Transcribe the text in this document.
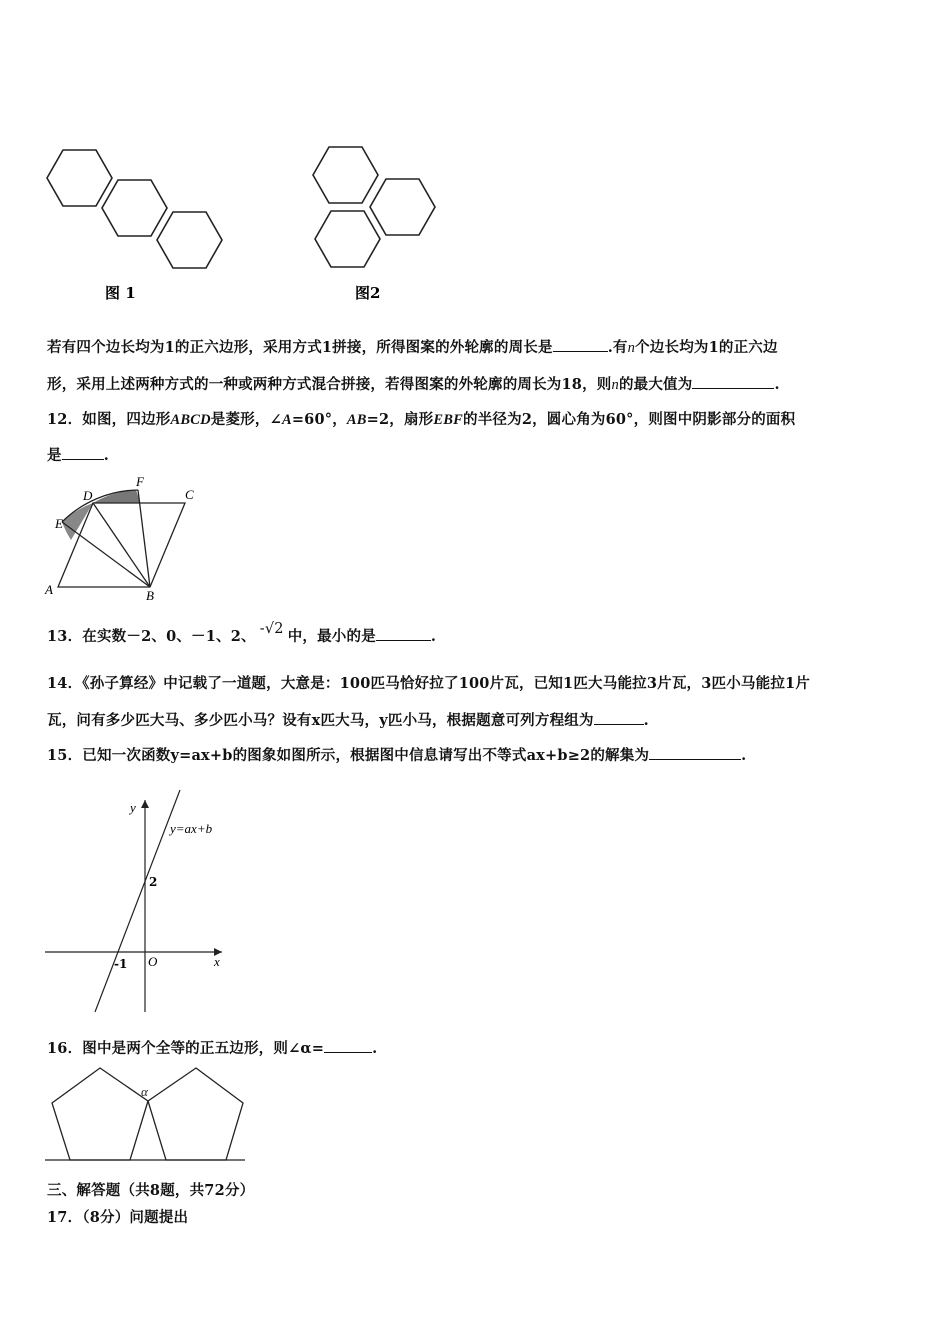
图 1	图2
A	B
C
D
E
F
y
x
O
y=ax+b
2
-1
α
若有四个边长均为1的正六边形，采用方式1拼接，所得图案的外轮廓的周长是	.有n个边长均为1的正六边
形，采用上述两种方式的一种或两种方式混合拼接，若得图案的外轮廓的周长为18，则n的最大值为	.
12．如图，四边形ABCD是菱形，∠A=60°，AB=2，扇形EBF的半径为2，圆心角为60°，则图中阴影部分的面积
是	.
13．在实数－2、0、－1、2、 -√2 中，最小的是	.
14．《孙子算经》中记载了一道题，大意是：100匹马恰好拉了100片瓦，已知1匹大马能拉3片瓦，3匹小马能拉1片
瓦，问有多少匹大马、多少匹小马？设有x匹大马，y匹小马，根据题意可列方程组为	.
15．已知一次函数y=ax+b的图象如图所示，根据图中信息请写出不等式ax+b≥2的解集为	.
16．图中是两个全等的正五边形，则∠α=	.
三、解答题（共8题，共72分）
17．（8分）问题提出
